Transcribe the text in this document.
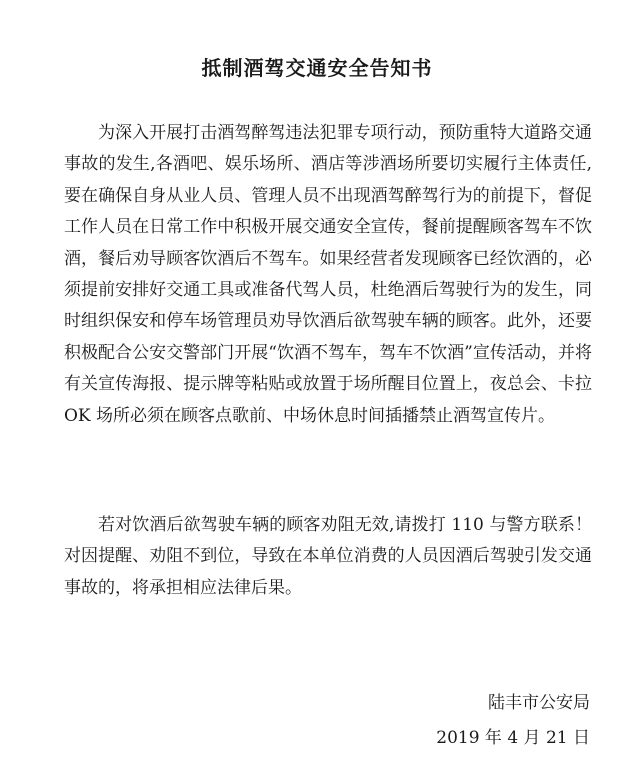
抵制酒驾交通安全告知书

为深入开展打击酒驾醉驾违法犯罪专项行动，预防重特大道路交通事故的发生,各酒吧、娱乐场所、酒店等涉酒场所要切实履行主体责任,要在确保自身从业人员、管理人员不出现酒驾醉驾行为的前提下，督促工作人员在日常工作中积极开展交通安全宣传，餐前提醒顾客驾车不饮酒，餐后劝导顾客饮酒后不驾车。如果经营者发现顾客已经饮酒的，必须提前安排好交通工具或准备代驾人员，杜绝酒后驾驶行为的发生，同时组织保安和停车场管理员劝导饮酒后欲驾驶车辆的顾客。此外，还要积极配合公安交警部门开展“饮酒不驾车，驾车不饮酒”宣传活动，并将有关宣传海报、提示牌等粘贴或放置于场所醒目位置上，夜总会、卡拉 OK 场所必须在顾客点歌前、中场休息时间插播禁止酒驾宣传片。

若对饮酒后欲驾驶车辆的顾客劝阻无效,请拨打 110 与警方联系！对因提醒、劝阻不到位，导致在本单位消费的人员因酒后驾驶引发交通事故的，将承担相应法律后果。

陆丰市公安局
2019 年 4 月 21 日
